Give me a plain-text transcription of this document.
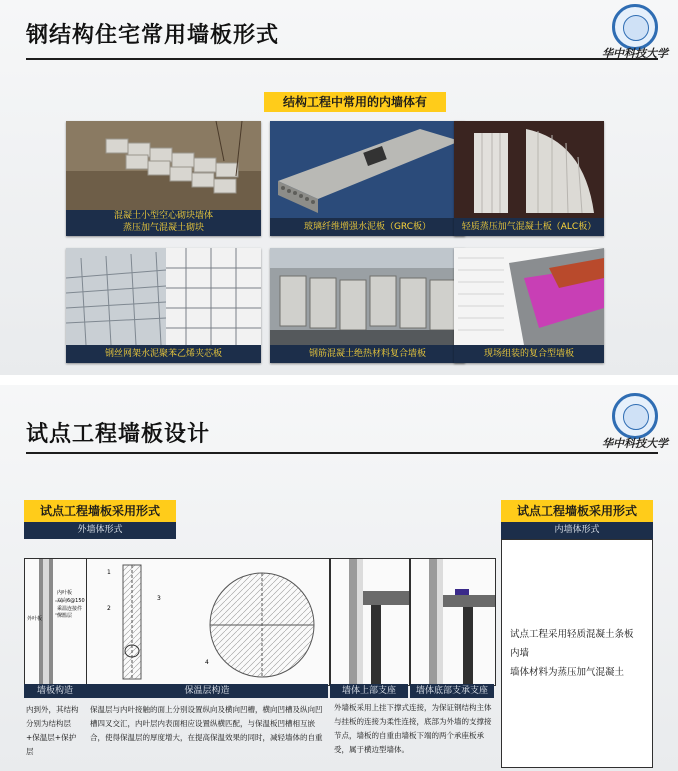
钢结构住宅常用墙板形式
华中科技大学
结构工程中常用的内墙体有
混凝土小型空心砌块墙体
蒸压加气混凝土砌块	玻璃纤维增强水泥板（GRC板）	轻质蒸压加气混凝土板（ALC板）
钢丝网架水泥聚苯乙烯夹芯板	钢筋混凝土绝热材料复合墙板	现场组装的复合型墙板
试点工程墙板设计	华中科技大学
试点工程墙板采用形式
外墙体形式
试点工程墙板采用形式
内墙体形式
试点工程采用轻质混凝土条板
内墙
墙体材料为蒸压加气混凝土
外叶板
内叶板
双向6@150
保温层
乘温连接件
1
2
3
4
墙板构造	保温层构造	墙体上部支座	墙体底部支承支座
内到外，其结构分别为结构层+保温层+保护层
保温层与内叶接触的面上分别设置纵向及横向凹槽，横向凹槽及纵向凹槽四叉交汇，内叶层内表面相应设置纵横匹配，与保温板凹槽相互嵌合，使得保温层的厚度增大，在提高保温效果的同时，减轻墙体的自重
外墙板采用上挂下撑式连接，为保证钢结构主体与挂板的连接为柔性连接，底部为外墙的支撑接节点，墙板的自重由墙板下端的两个承座板承受，属于横边型墙体。
